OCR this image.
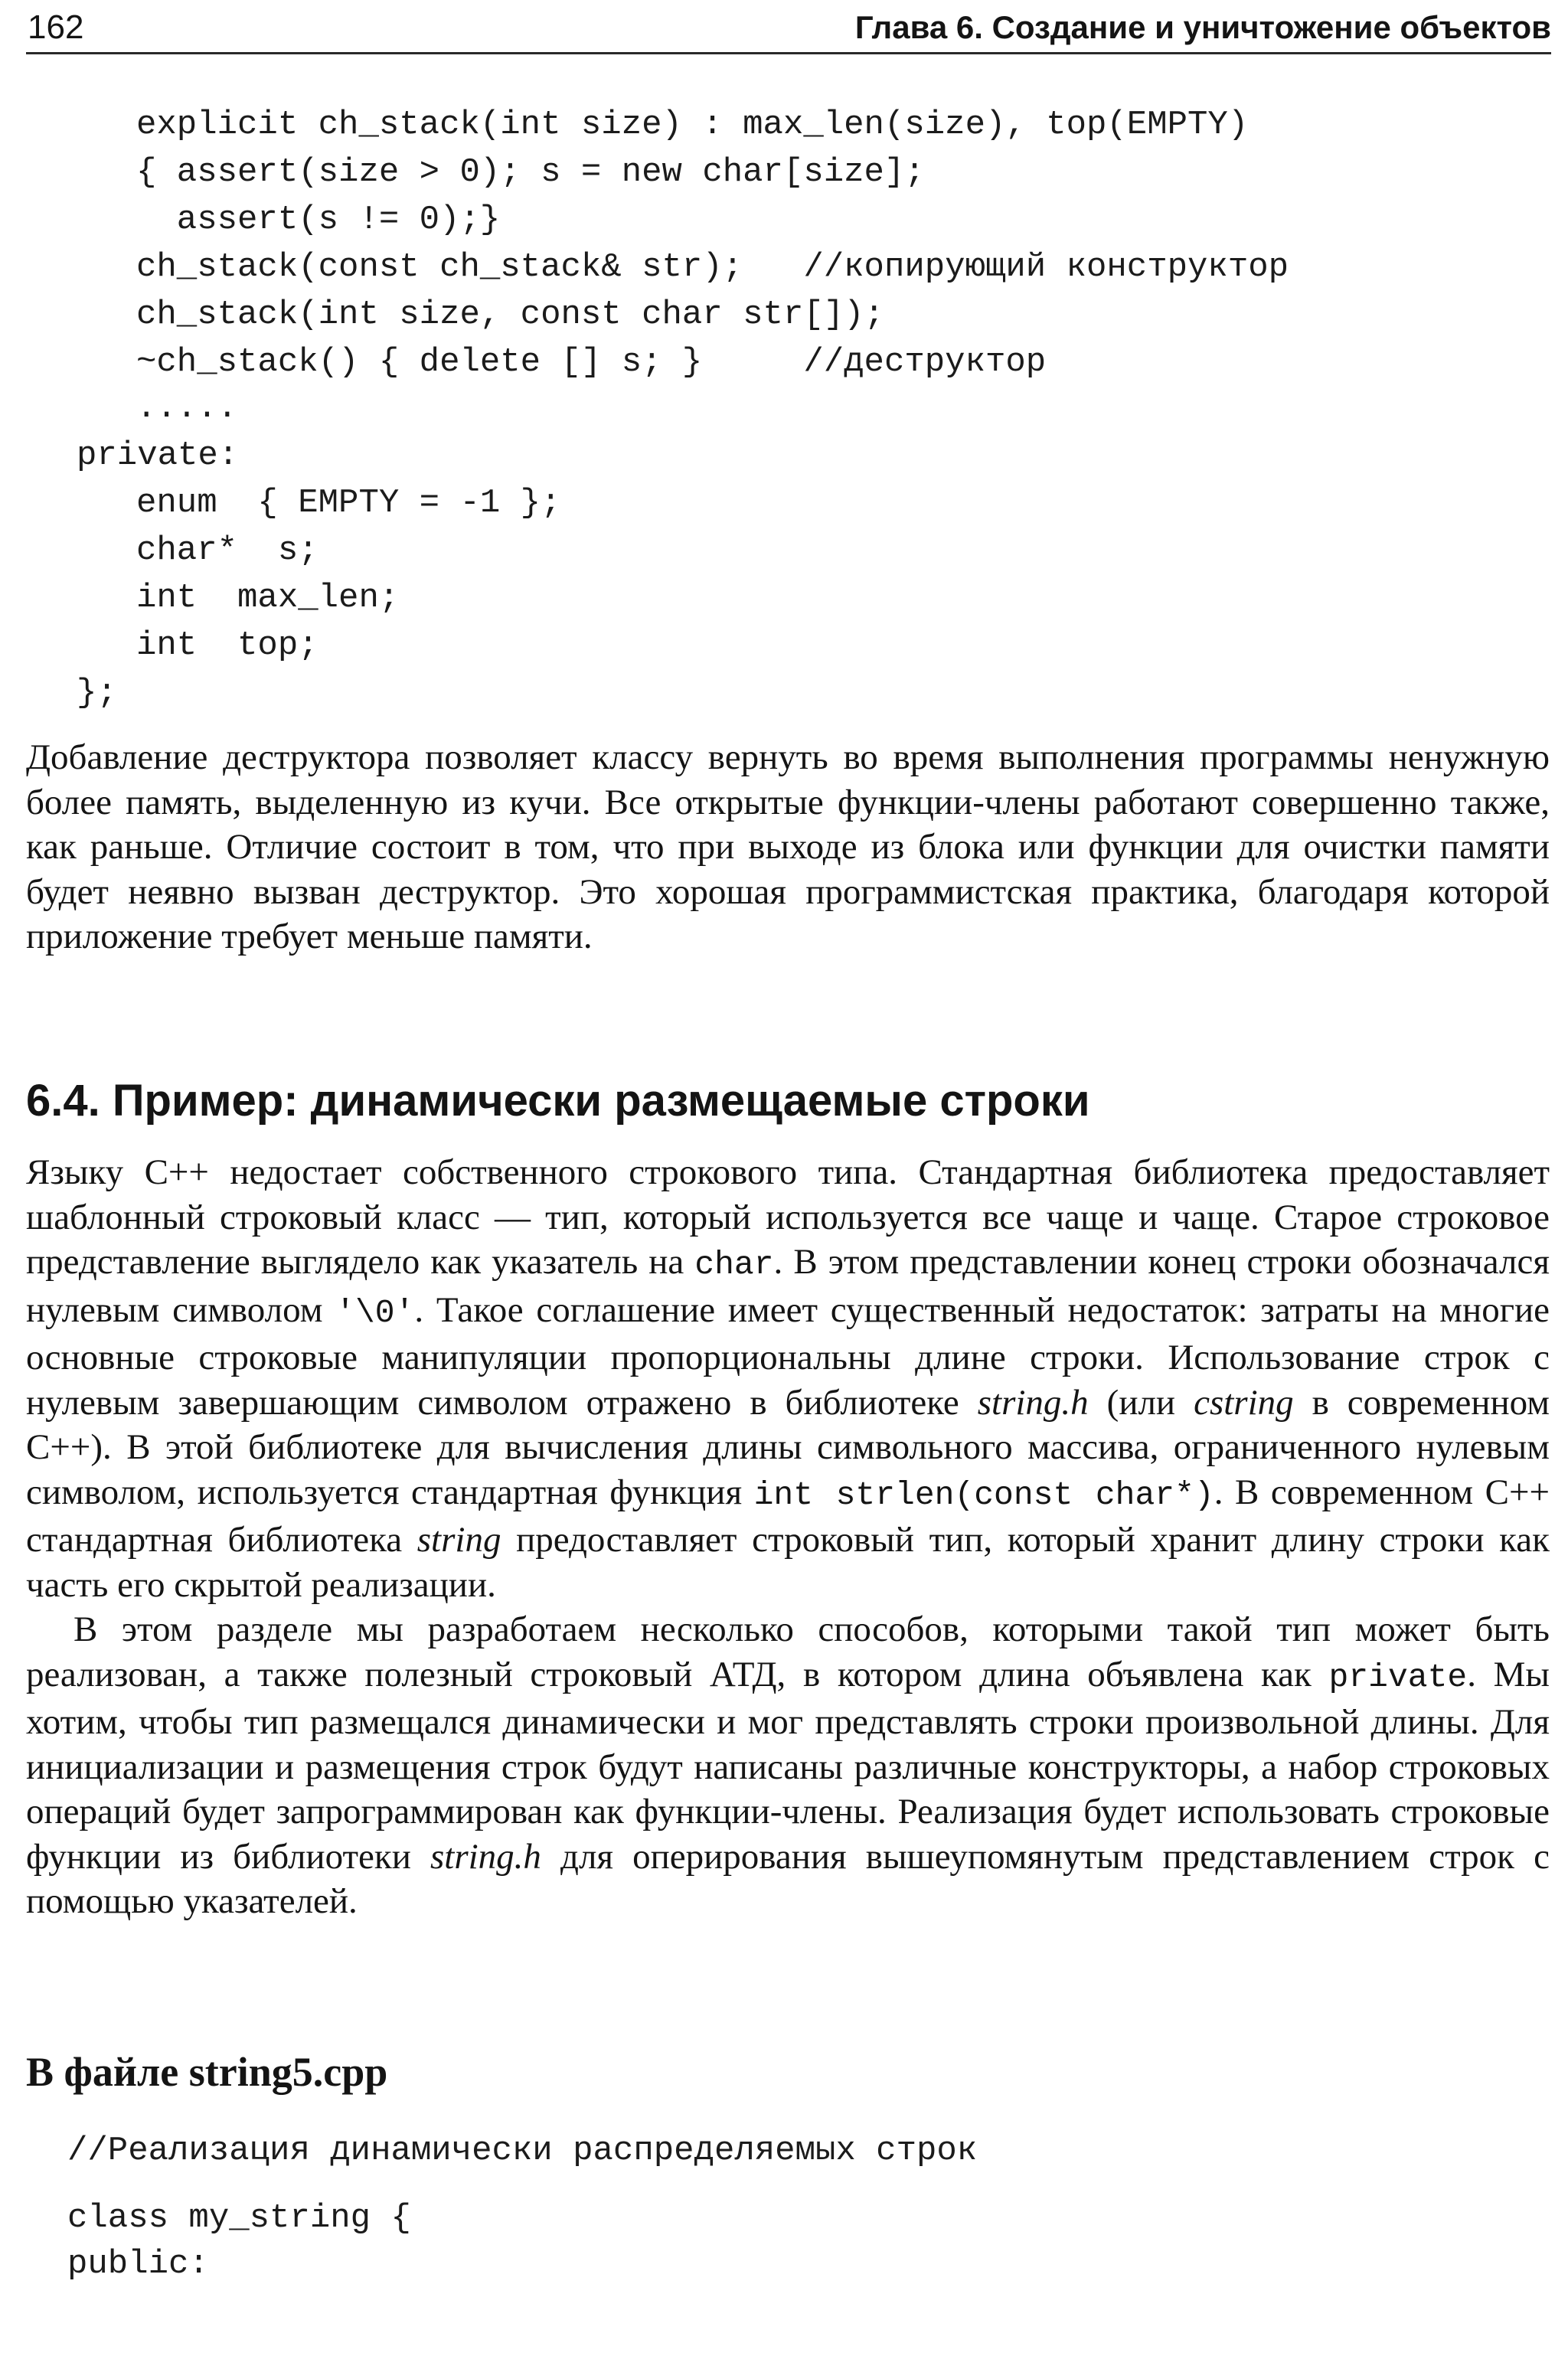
162	Глава 6. Создание и уничтожение объектов
explicit ch_stack(int size) : max_len(size), top(EMPTY)
{ assert(size > 0); s = new char[size];
assert(s != 0);}
ch_stack(const ch_stack& str);   //копирующий конструктор
ch_stack(int size, const char str[]);
~ch_stack() { delete [] s; }     //деструктор
.....
private:
enum  { EMPTY = -1 };
char*  s;
int  max_len;
int  top;
};

Добавление деструктора позволяет классу вернуть во время выполнения программы ненужную более память, выделенную из кучи. Все открытые функции-члены работают совершенно также, как раньше. Отличие состоит в том, что при выходе из блока или функции для очистки памяти будет неявно вызван деструктор. Это хорошая программистская практика, благодаря которой приложение требует меньше памяти.

6.4. Пример: динамически размещаемые строки

Языку С++ недостает собственного строкового типа. Стандартная библиотека предоставляет шаблонный строковый класс — тип, который используется все чаще и чаще. Старое строковое представление выглядело как указатель на char. В этом представлении конец строки обозначался нулевым символом '\0'. Такое соглашение имеет существенный недостаток: затраты на многие основные строковые манипуляции пропорциональны длине строки. Использование строк с нулевым завершающим символом отражено в библиотеке string.h (или cstring в современном С++). В этой библиотеке для вычисления длины символьного массива, ограниченного нулевым символом, используется стандартная функция int strlen(const char*). В современном С++ стандартная библиотека string предоставляет строковый тип, который хранит длину строки как часть его скрытой реализации.

В этом разделе мы разработаем несколько способов, которыми такой тип может быть реализован, а также полезный строковый АТД, в котором длина объявлена как private. Мы хотим, чтобы тип размещался динамически и мог представлять строки произвольной длины. Для инициализации и размещения строк будут написаны различные конструкторы, а набор строковых операций будет запрограммирован как функции-члены. Реализация будет использовать строковые функции из библиотеки string.h для оперирования вышеупомянутым представлением строк с помощью указателей.

В файле string5.cpp
//Реализация динамически распределяемых строк
class my_string {
public:
